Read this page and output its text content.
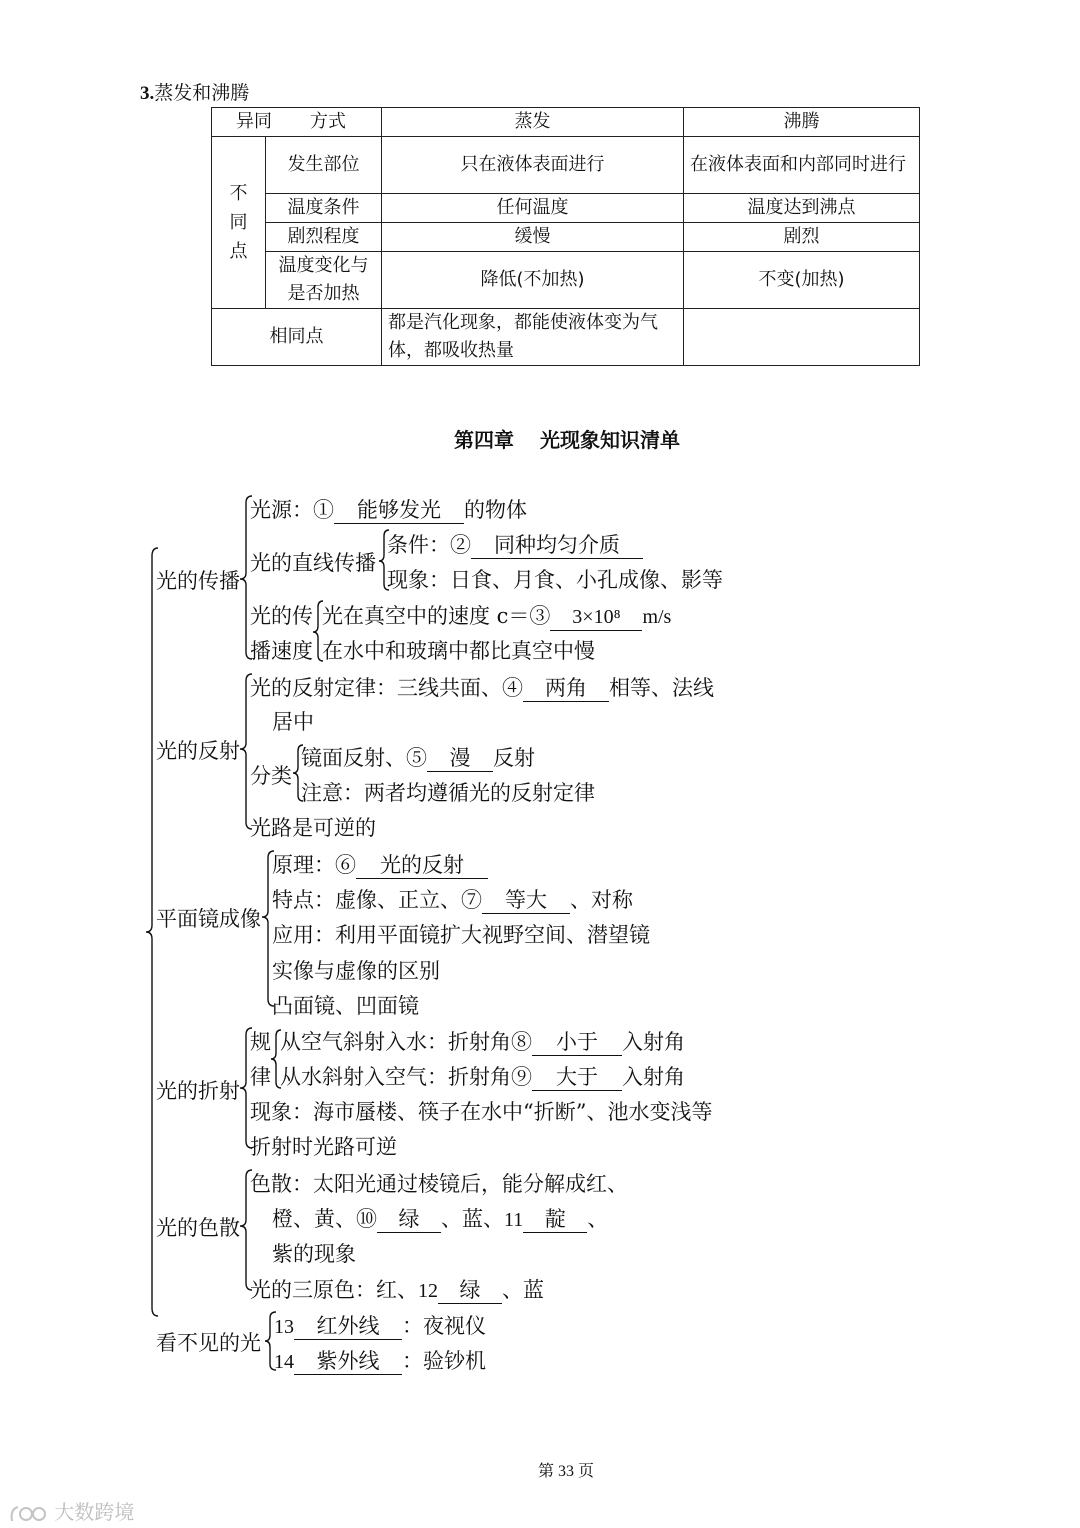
3.蒸发和沸腾
异同 方式		蒸发	沸腾

不同点	发生部位	只在液体表面进行	在液体表面和内部同时进行
	温度条件	任何温度	温度达到沸点
	剧烈程度	缓慢	剧烈
	温度变化与是否加热	降低(不加热)	不变(加热)
相同点		都是汽化现象，都能使液体变为气体，都吸收热量	
第四章 光现象知识清单
光的传播
光的反射
平面镜成像
光的折射
光的色散
看不见的光
光源：① 能够发光 的物体
光的直线传播
条件：② 同种均匀介质
现象：日食、月食、小孔成像、影等
光的传
播速度
光在真空中的速度 c＝③ 3×10⁸ m/s
在水中和玻璃中都比真空中慢
光的反射定律：三线共面、④ 两角 相等、法线
居中
分类
镜面反射、⑤ 漫 反射
注意：两者均遵循光的反射定律
光路是可逆的
原理：⑥ 光的反射
特点：虚像、正立、⑦ 等大 、对称
应用：利用平面镜扩大视野空间、潜望镜
实像与虚像的区别
凸面镜、凹面镜
规
律
从空气斜射入水：折射角⑧ 小于 入射角
从水斜射入空气：折射角⑨ 大于 入射角
现象：海市蜃楼、筷子在水中“折断”、池水变浅等
折射时光路可逆
色散：太阳光通过棱镜后，能分解成红、
橙、黄、⑩ 绿 、蓝、11 靛 、
紫的现象
光的三原色：红、12 绿 、蓝
13 红外线 ：夜视仪
14 紫外线 ：验钞机
第 33 页
大数跨境
